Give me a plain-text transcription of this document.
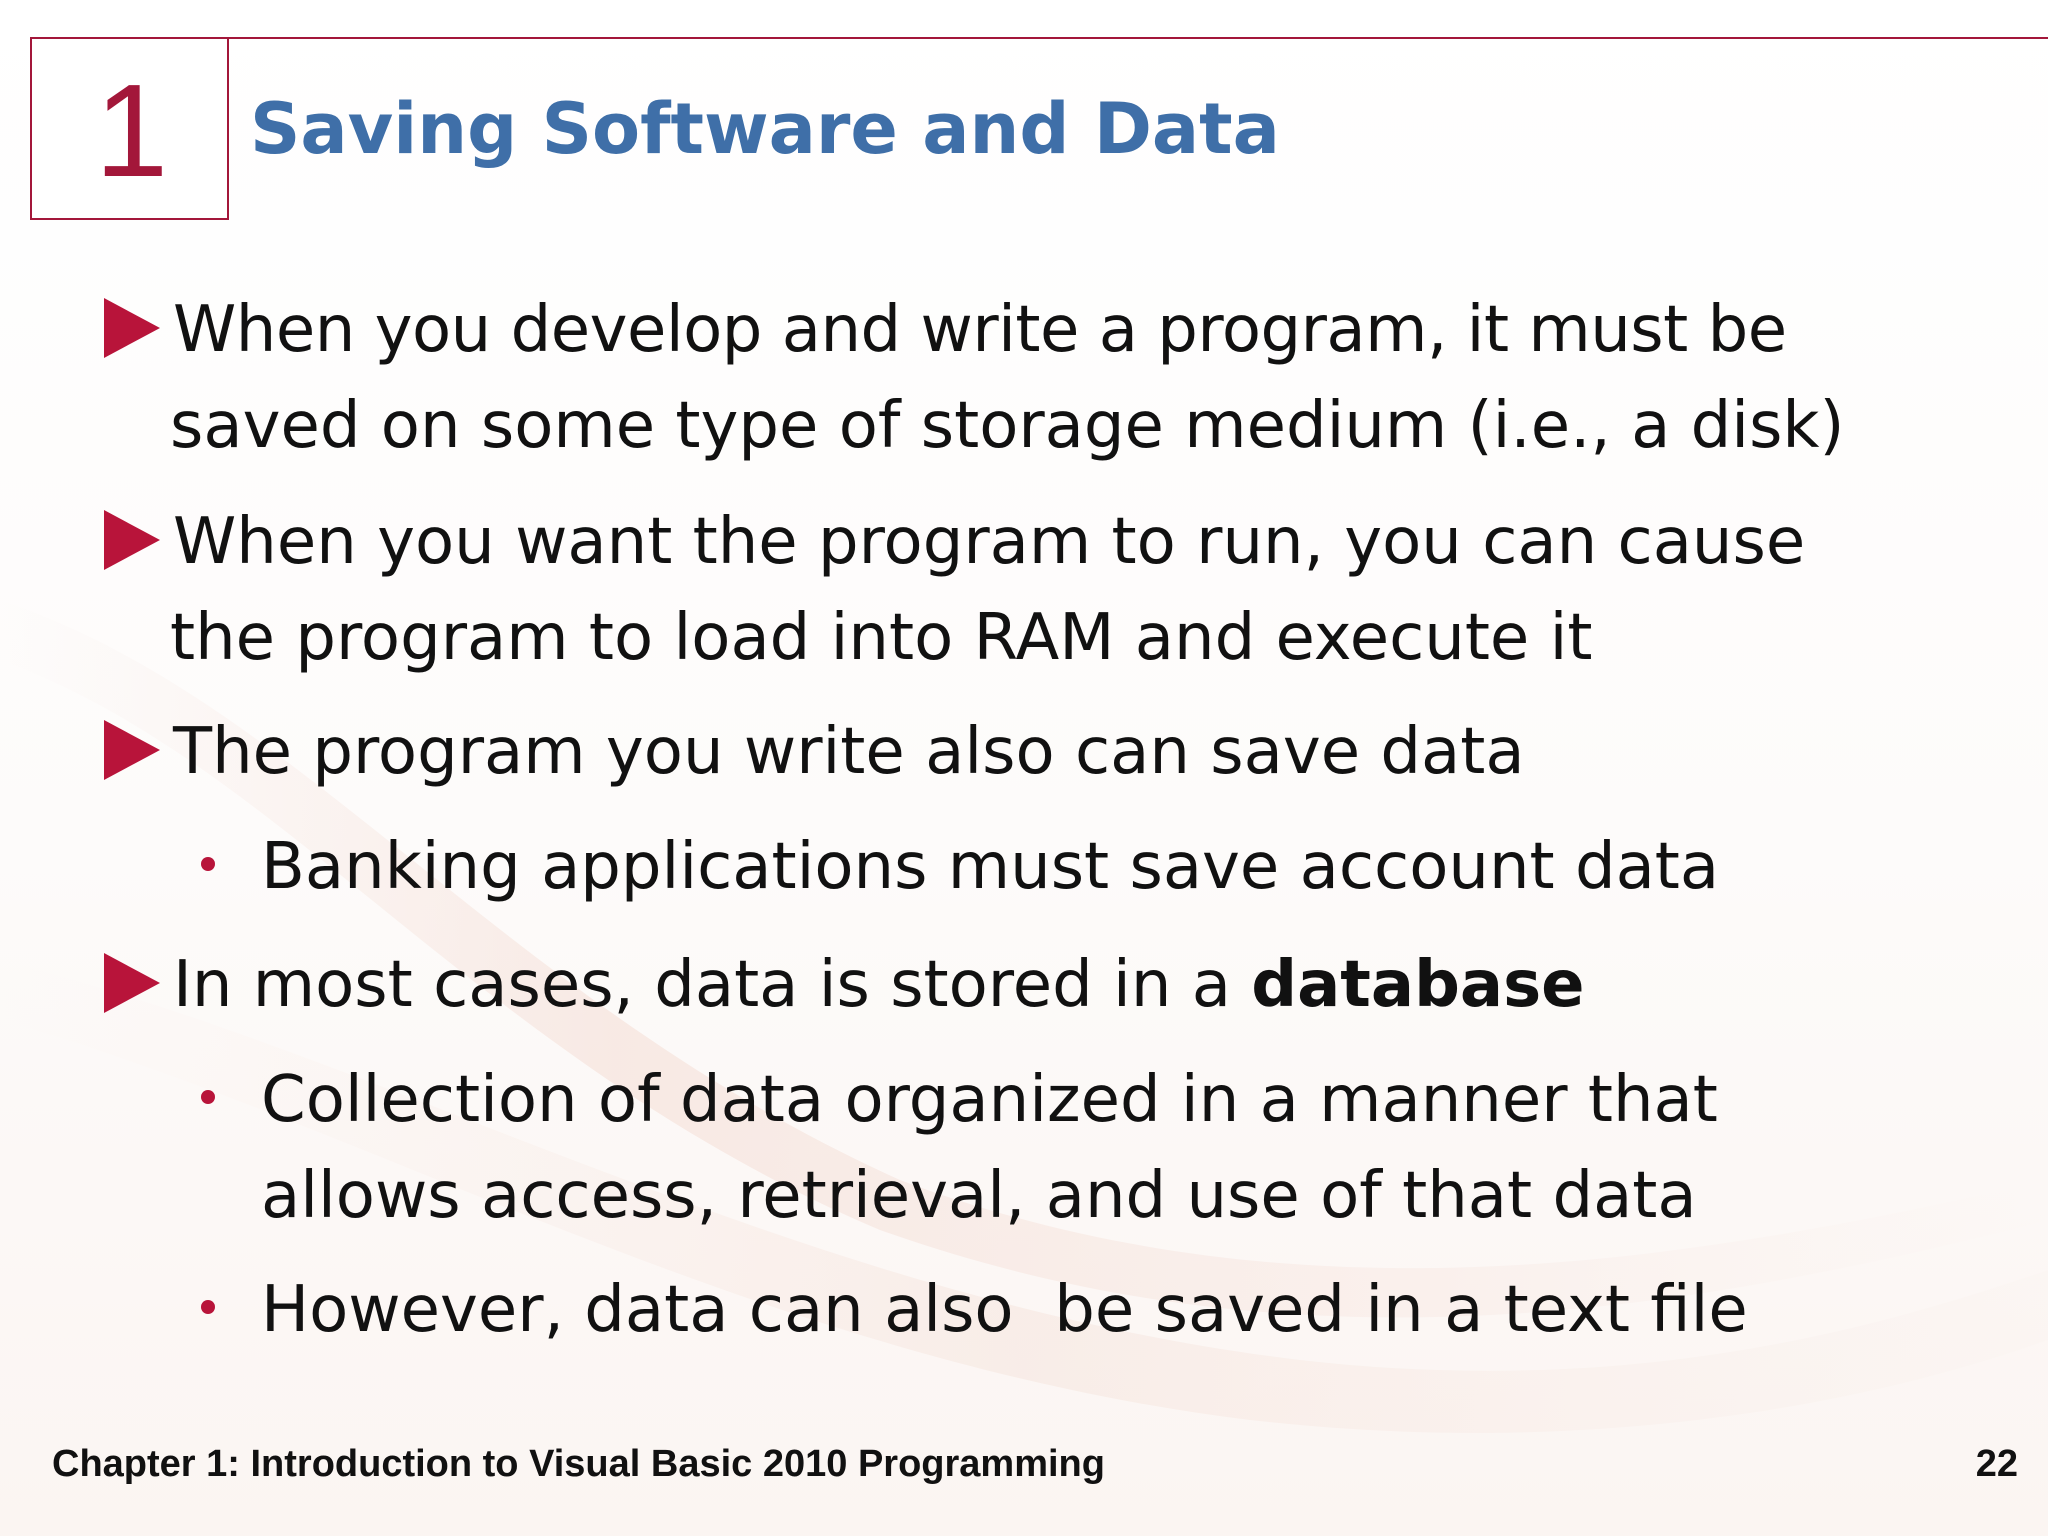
1	Saving Software and Data
When you develop and write a program, it must be
saved on some type of storage medium (i.e., a disk)
When you want the program to run, you can cause
the program to load into RAM and execute it
The program you write also can save data
Banking applications must save account data
In most cases, data is stored in a database
Collection of data organized in a manner that
allows access, retrieval, and use of that data
However, data can also  be saved in a text file
Chapter 1: Introduction to Visual Basic 2010 Programming	22
